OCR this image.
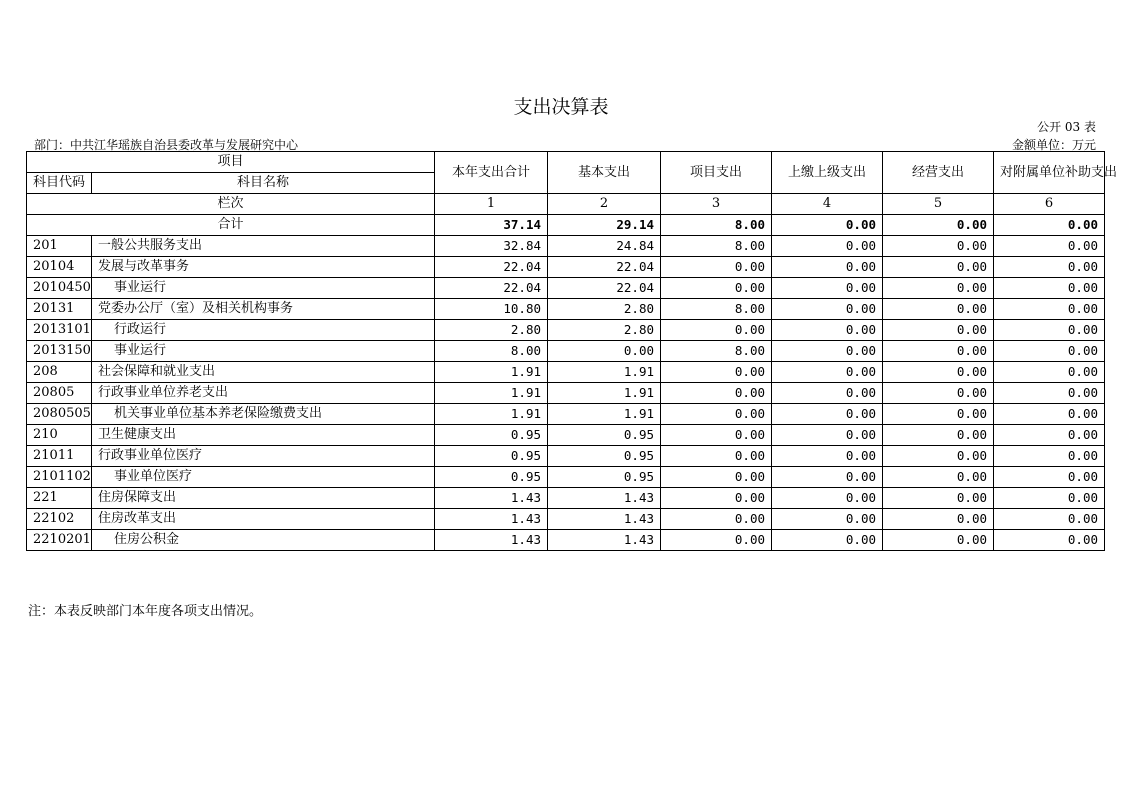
支出决算表
公开 03 表
部门：中共江华瑶族自治县委改革与发展研究中心	金额单位：万元
项目		本年支出合计	基本支出	项目支出	上缴上级支出	经营支出	对附属单位补助支出
科目代码	科目名称						
栏次		1	2	3	4	5	6
合计		37.14	29.14	8.00	0.00	0.00	0.00
201	一般公共服务支出	32.84	24.84	8.00	0.00	0.00	0.00
20104	发展与改革事务	22.04	22.04	0.00	0.00	0.00	0.00
2010450	事业运行	22.04	22.04	0.00	0.00	0.00	0.00
20131	党委办公厅（室）及相关机构事务	10.80	2.80	8.00	0.00	0.00	0.00
2013101	行政运行	2.80	2.80	0.00	0.00	0.00	0.00
2013150	事业运行	8.00	0.00	8.00	0.00	0.00	0.00
208	社会保障和就业支出	1.91	1.91	0.00	0.00	0.00	0.00
20805	行政事业单位养老支出	1.91	1.91	0.00	0.00	0.00	0.00
2080505	机关事业单位基本养老保险缴费支出	1.91	1.91	0.00	0.00	0.00	0.00
210	卫生健康支出	0.95	0.95	0.00	0.00	0.00	0.00
21011	行政事业单位医疗	0.95	0.95	0.00	0.00	0.00	0.00
2101102	事业单位医疗	0.95	0.95	0.00	0.00	0.00	0.00
221	住房保障支出	1.43	1.43	0.00	0.00	0.00	0.00
22102	住房改革支出	1.43	1.43	0.00	0.00	0.00	0.00
2210201	住房公积金	1.43	1.43	0.00	0.00	0.00	0.00
注：本表反映部门本年度各项支出情况。
